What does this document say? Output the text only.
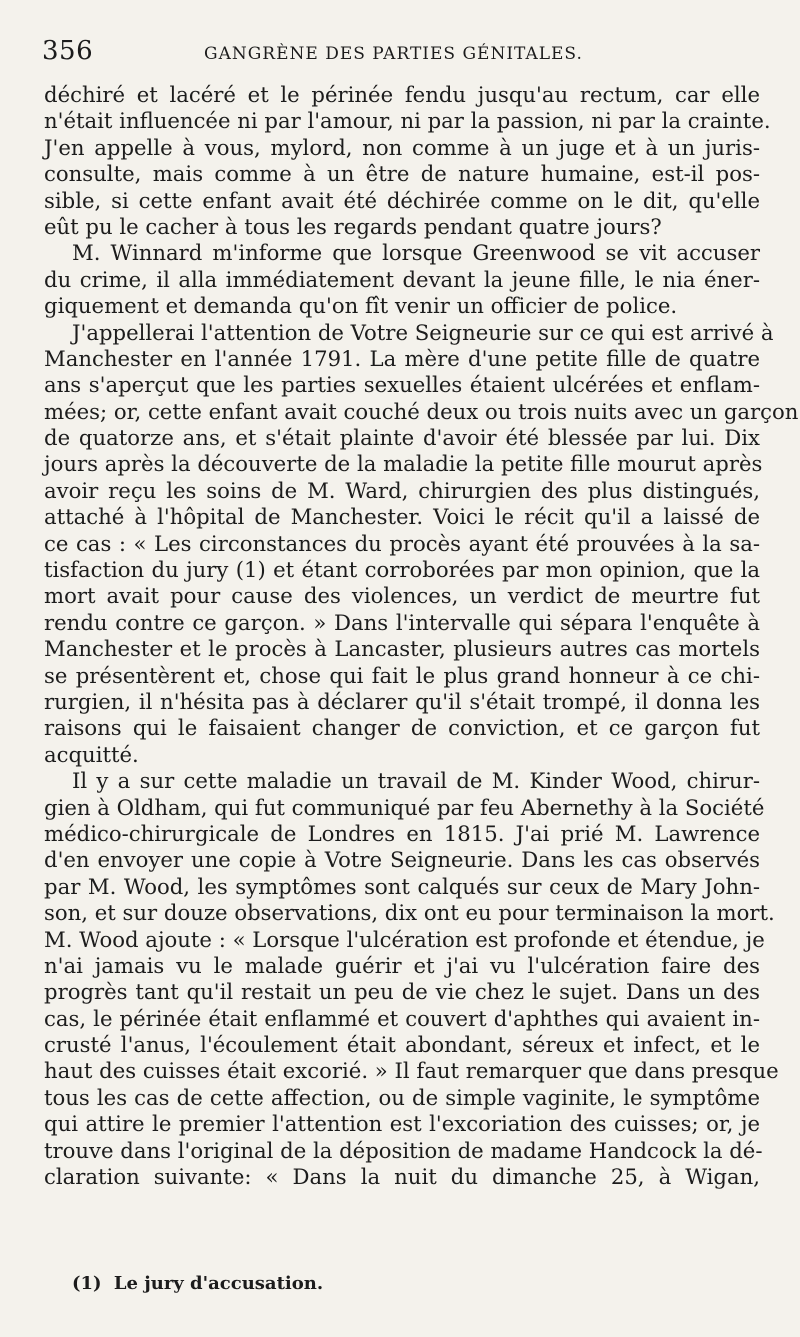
356	GANGRÈNE DES PARTIES GÉNITALES.
déchiré et lacéré et le périnée fendu jusqu'au rectum, car elle
n'était influencée ni par l'amour, ni par la passion, ni par la crainte.
J'en appelle à vous, mylord, non comme à un juge et à un juris-
consulte, mais comme à un être de nature humaine, est-il pos-
sible, si cette enfant avait été déchirée comme on le dit, qu'elle
eût pu le cacher à tous les regards pendant quatre jours?
M. Winnard m'informe que lorsque Greenwood se vit accuser
du crime, il alla immédiatement devant la jeune fille, le nia éner-
giquement et demanda qu'on fît venir un officier de police.
J'appellerai l'attention de Votre Seigneurie sur ce qui est arrivé à
Manchester en l'année 1791. La mère d'une petite fille de quatre
ans s'aperçut que les parties sexuelles étaient ulcérées et enflam-
mées; or, cette enfant avait couché deux ou trois nuits avec un garçon
de quatorze ans, et s'était plainte d'avoir été blessée par lui. Dix
jours après la découverte de la maladie la petite fille mourut après
avoir reçu les soins de M. Ward, chirurgien des plus distingués,
attaché à l'hôpital de Manchester. Voici le récit qu'il a laissé de
ce cas : « Les circonstances du procès ayant été prouvées à la sa-
tisfaction du jury (1) et étant corroborées par mon opinion, que la
mort avait pour cause des violences, un verdict de meurtre fut
rendu contre ce garçon. » Dans l'intervalle qui sépara l'enquête à
Manchester et le procès à Lancaster, plusieurs autres cas mortels
se présentèrent et, chose qui fait le plus grand honneur à ce chi-
rurgien, il n'hésita pas à déclarer qu'il s'était trompé, il donna les
raisons qui le faisaient changer de conviction, et ce garçon fut
acquitté.
Il y a sur cette maladie un travail de M. Kinder Wood, chirur-
gien à Oldham, qui fut communiqué par feu Abernethy à la Société
médico-chirurgicale de Londres en 1815. J'ai prié M. Lawrence
d'en envoyer une copie à Votre Seigneurie. Dans les cas observés
par M. Wood, les symptômes sont calqués sur ceux de Mary John-
son, et sur douze observations, dix ont eu pour terminaison la mort.
M. Wood ajoute : « Lorsque l'ulcération est profonde et étendue, je
n'ai jamais vu le malade guérir et j'ai vu l'ulcération faire des
progrès tant qu'il restait un peu de vie chez le sujet. Dans un des
cas, le périnée était enflammé et couvert d'aphthes qui avaient in-
crusté l'anus, l'écoulement était abondant, séreux et infect, et le
haut des cuisses était excorié. » Il faut remarquer que dans presque
tous les cas de cette affection, ou de simple vaginite, le symptôme
qui attire le premier l'attention est l'excoriation des cuisses; or, je
trouve dans l'original de la déposition de madame Handcock la dé-
claration suivante: « Dans la nuit du dimanche 25, à Wigan,
(1) Le jury d'accusation.
